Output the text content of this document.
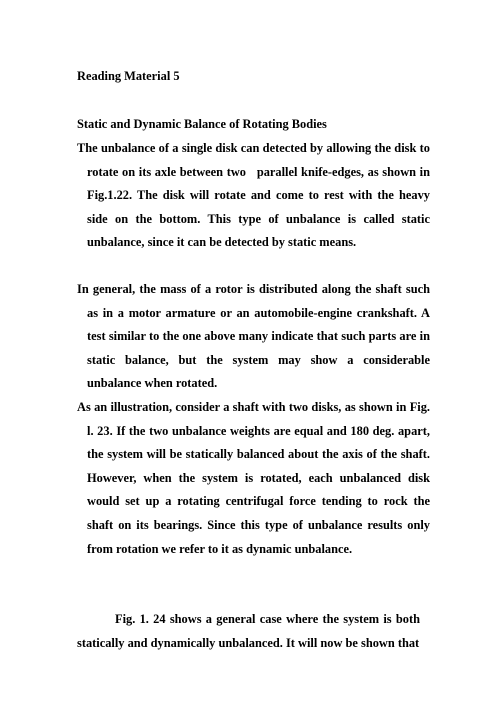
Reading Material 5

Static and Dynamic Balance of Rotating Bodies

The unbalance of a single disk can detected by allowing the disk to rotate on its axle between two   parallel knife-edges, as shown in Fig.1.22. The disk will rotate and come to rest with the heavy side on the bottom. This type of unbalance is called static unbalance, since it can be detected by static means.

In general, the mass of a rotor is distributed along the shaft such as in a motor armature or an automobile-engine crankshaft. A test similar to the one above many indicate that such parts are in static balance, but the system may show a considerable unbalance when rotated.

As an illustration, consider a shaft with two disks, as shown in Fig. l. 23. If the two unbalance weights are equal and 180 deg. apart, the system will be statically balanced about the axis of the shaft. However, when the system is rotated, each unbalanced disk would set up a rotating centrifugal force tending to rock the shaft on its bearings. Since this type of unbalance results only from rotation we refer to it as dynamic unbalance.

Fig. 1. 24 shows a general case where the system is both statically and dynamically unbalanced. It will now be shown that
